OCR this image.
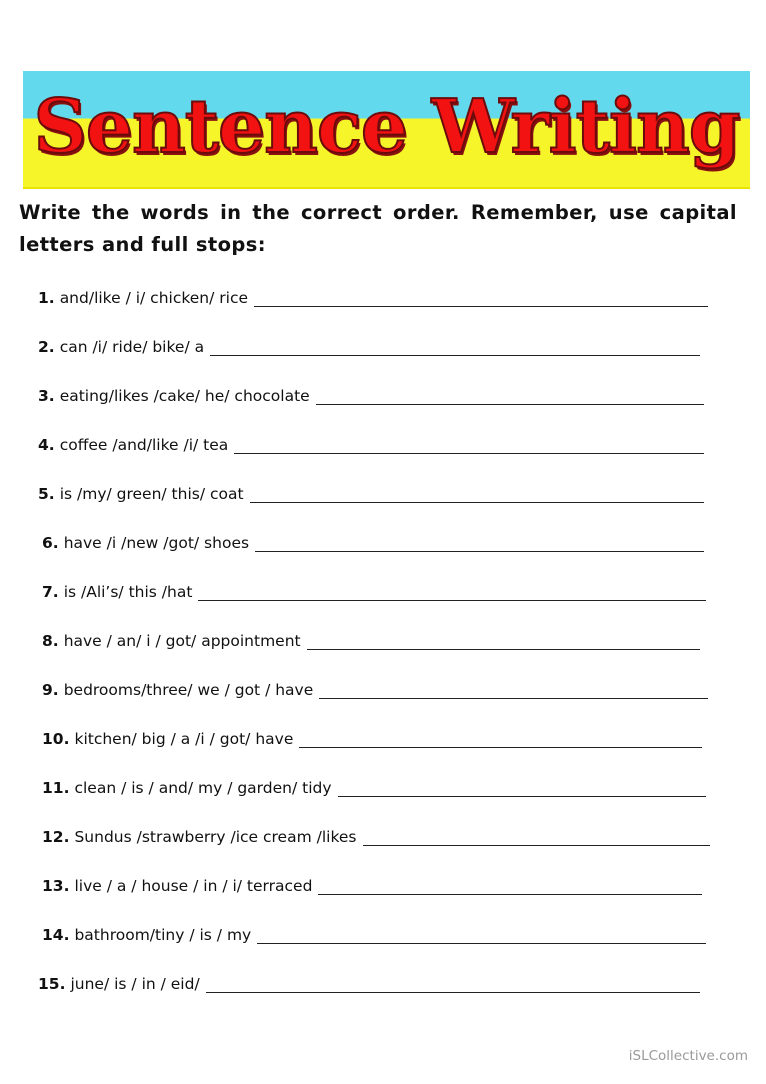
Sentence Writing

Write the words in the correct order. Remember, use capital letters and full stops:

1. and/like / i/ chicken/ rice
2. can /i/ ride/ bike/ a
3. eating/likes /cake/ he/ chocolate
4. coffee /and/like /i/ tea
5. is /my/ green/ this/ coat
6. have /i /new /got/ shoes
7. is /Ali’s/ this /hat
8. have / an/ i / got/ appointment
9. bedrooms/three/ we / got / have
10. kitchen/ big / a /i / got/ have
11. clean / is / and/ my / garden/ tidy
12. Sundus /strawberry /ice cream /likes
13. live / a / house / in / i/ terraced
14. bathroom/tiny / is / my
15. june/ is / in / eid/
iSLCollective.com
